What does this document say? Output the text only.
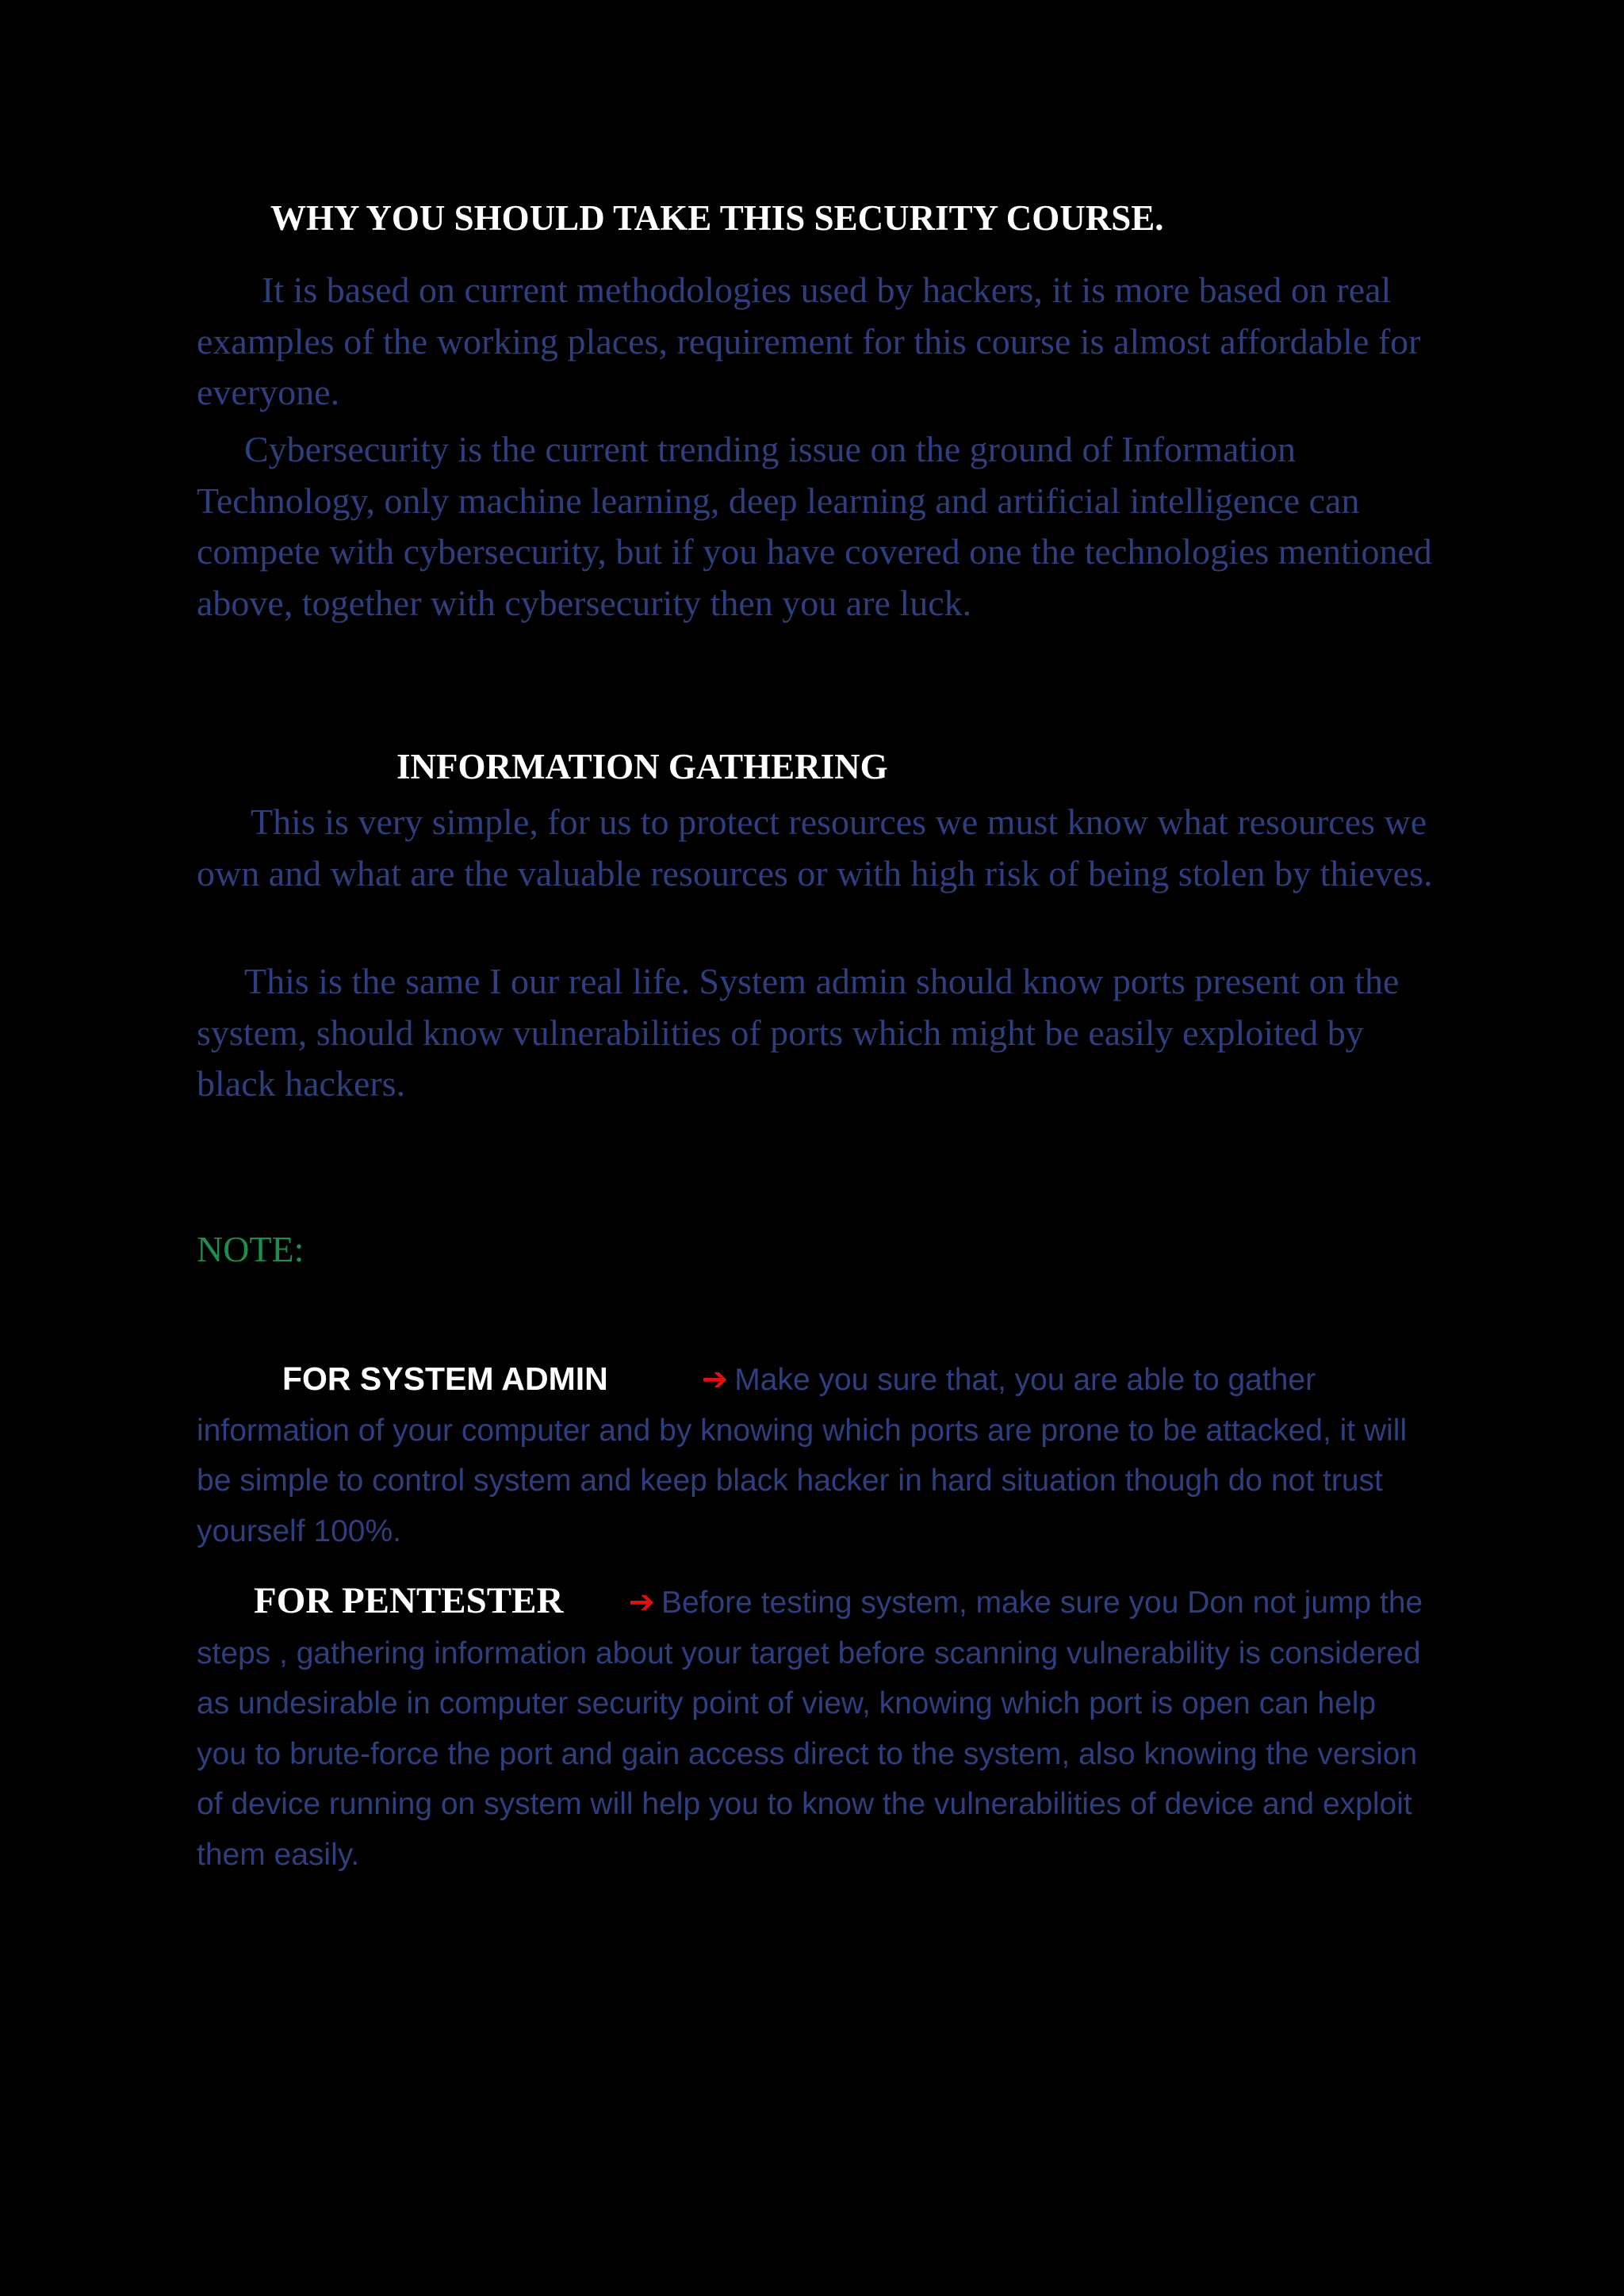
WHY YOU SHOULD TAKE THIS SECURITY COURSE.

It is based on current methodologies used by hackers, it is more based on real examples of the working places, requirement for this course is almost affordable for everyone.

Cybersecurity is the current trending issue on the ground of Information Technology, only machine learning, deep learning and artificial intelligence can compete with cybersecurity, but if you have covered one the technologies mentioned above, together with cybersecurity then you are luck.

INFORMATION GATHERING

This is very simple, for us to protect resources we must know what resources we own and what are the valuable resources or with high risk of being stolen by thieves.

This is the same I our real life. System admin should know ports present on the system, should know vulnerabilities of ports which might be easily exploited by black hackers.

NOTE:

FOR SYSTEM ADMIN	➔ Make you sure that, you are able to gather information of your computer and by knowing which ports are prone to be attacked, it will be simple to control system and keep black hacker in hard situation though do not trust yourself 100%.

FOR PENTESTER ➔ Before testing system, make sure you Don not jump the steps , gathering information about your target before scanning vulnerability is considered as undesirable in computer security point of view, knowing which port is open can help you to brute-force the port and gain access direct to the system, also knowing the version of device running on system will help you to know the vulnerabilities of device and exploit them easily.
